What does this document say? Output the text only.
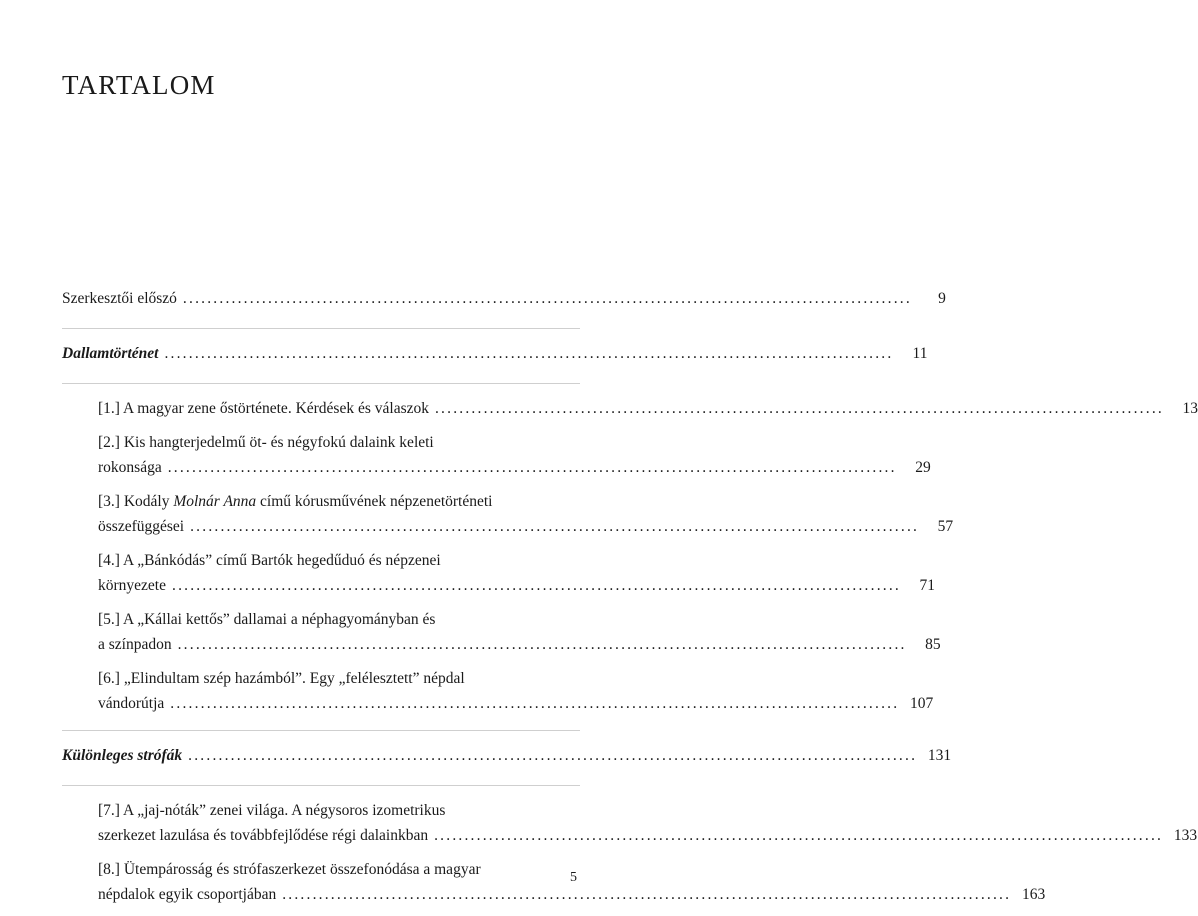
TARTALOM
Szerkesztői előszó ........................................................................................................................	9
Dallamtörténet ........................................................................................................................	11
[1.] A magyar zene őstörténete. Kérdések és válaszok ........................................................................................................................	13
[2.] Kis hangterjedelmű öt- és négyfokú dalaink keleti
rokonsága ........................................................................................................................	29
[3.] Kodály Molnár Anna című kórusművének népzenetörténeti
összefüggései ........................................................................................................................	57
[4.] A „Bánkódás” című Bartók hegedűduó és népzenei
környezete ........................................................................................................................	71
[5.] A „Kállai kettős” dallamai a néphagyományban és
a színpadon ........................................................................................................................	85
[6.] „Elindultam szép hazámból”. Egy „felélesztett” népdal
vándorútja ........................................................................................................................ 107
Különleges strófák ........................................................................................................................ 131
[7.] A „jaj-nóták” zenei világa. A négysoros izometrikus
szerkezet lazulása és továbbfejlődése régi dalainkban ........................................................................................................................ 133
[8.] Ütempárosság és strófaszerkezet összefonódása a magyar
népdalok egyik csoportjában ........................................................................................................................ 163
5
